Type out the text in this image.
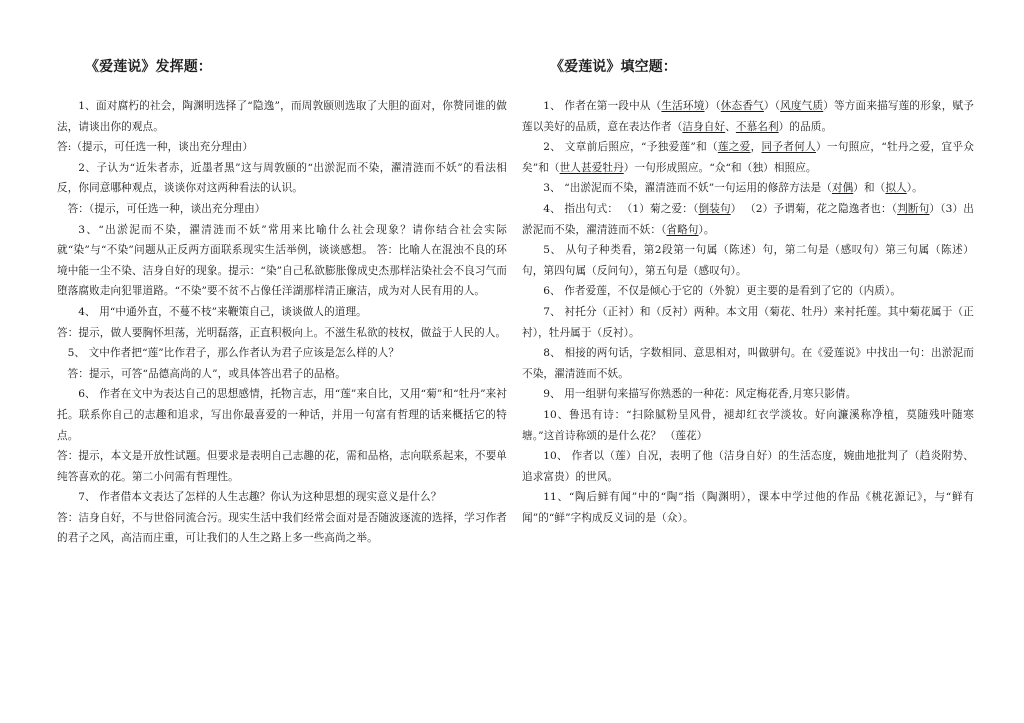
《爱莲说》发挥题：

1、面对腐朽的社会，陶渊明选择了“隐逸”，而周敦颐则选取了大胆的面对，你赞同谁的做法，请谈出你的观点。

答:（提示，可任选一种，谈出充分理由）

2、子认为“近朱者赤，近墨者黑”这与周敦颐的“出淤泥而不染，濯清涟而不妖”的看法相反，你同意哪种观点，谈谈你对这两种看法的认识。

答：（提示，可任选一种，谈出充分理由）

3、“出淤泥而不染，濯清涟而不妖”常用来比喻什么社会现象？请你结合社会实际就“染”与“不染”问题从正反两方面联系现实生活举例，谈谈感想。 答：比喻人在混浊不良的环境中能一尘不染、洁身自好的现象。提示：“染”自己私欲膨胀像成史杰那样沾染社会不良习气而堕落腐败走向犯罪道路。“不染”要不贫不占像任洋湖那样清正廉洁，成为对人民有用的人。

4、 用“中通外直，不蔓不枝”来鞭策自己，谈谈做人的道理。

答：提示，做人要胸怀坦荡，光明磊落，正直积极向上。不滋生私欲的枝权，做益于人民的人。

5、 文中作者把“莲”比作君子，那么作者认为君子应该是怎么样的人？

答：提示，可答“品德高尚的人”，或具体答出君子的品格。

6、 作者在文中为表达自己的思想感情，托物言志，用“莲”来自比，又用“菊”和“牡丹”来衬托。联系你自己的志趣和追求，写出你最喜爱的一种话，并用一句富有哲理的话来概括它的特点。

答：提示，本文是开放性试题。但要求是表明自己志趣的花，需和品格，志向联系起来，不要单纯答喜欢的花。第二小问需有哲理性。

7、 作者借本文表达了怎样的人生志趣？你认为这种思想的现实意义是什么？

答：洁身自好，不与世俗同流合污。现实生活中我们经常会面对是否随波逐流的选择，学习作者的君子之风，高洁而庄重，可让我们的人生之路上多一些高尚之举。

《爱莲说》填空题：

1、 作者在第一段中从（生活环境）（休态香气）（风度气质）等方面来描写莲的形象，赋予莲以美好的品质，意在表达作者（洁身自好、不慕名利）的品质。

2、 文章前后照应，“予独爱莲”和（莲之爱，同予者何人）一句照应，“牡丹之爱，宜乎众矣”和（世人甚爱牡丹）一句形成照应。“众“和（独）相照应。

3、 “出淤泥而不染，濯清涟而不妖”一句运用的修辞方法是（对偶）和（拟人）。

4、 指出句式： （1）菊之爱：（倒装句） （2）予谓菊，花之隐逸者也：（判断句）（3）出淤泥而不染，濯清涟而不妖：（省略句）。

5、 从句子种类看，第2段第一句属（陈述）句，第二句是（感叹句）第三句属（陈述）句，第四句属（反问句），第五句是（感叹句）。

6、 作者爱莲，不仅是倾心于它的（外貌）更主要的是看到了它的（内质）。

7、 衬托分（正衬）和（反衬）两种。本文用（菊花、牡丹）来衬托莲。其中菊花属于（正衬），牡丹属于（反衬）。

8、 相接的两句话，字数相同、意思相对，叫做骈句。在《爱莲说》中找出一句：出淤泥而不染，濯清涟而不妖。

9、 用一组骈句来描写你熟悉的一种花：风定梅花香,月寒只影倩。

10、鲁迅有诗：“扫除腻粉呈风骨，褪却红衣学淡妆。好向濂溪称净植，莫随残叶随寒塘。”这首诗称颂的是什么花？ （莲花）

10、 作者以（莲）自况，表明了他（洁身自好）的生活态度，婉曲地批判了（趋炎附势、追求富贵）的世风。

11、“陶后鲜有闻”中的“陶”指（陶渊明），课本中学过他的作品《桃花源记》，与“鲜有闻”的“鲜”字构成反义词的是（众）。
